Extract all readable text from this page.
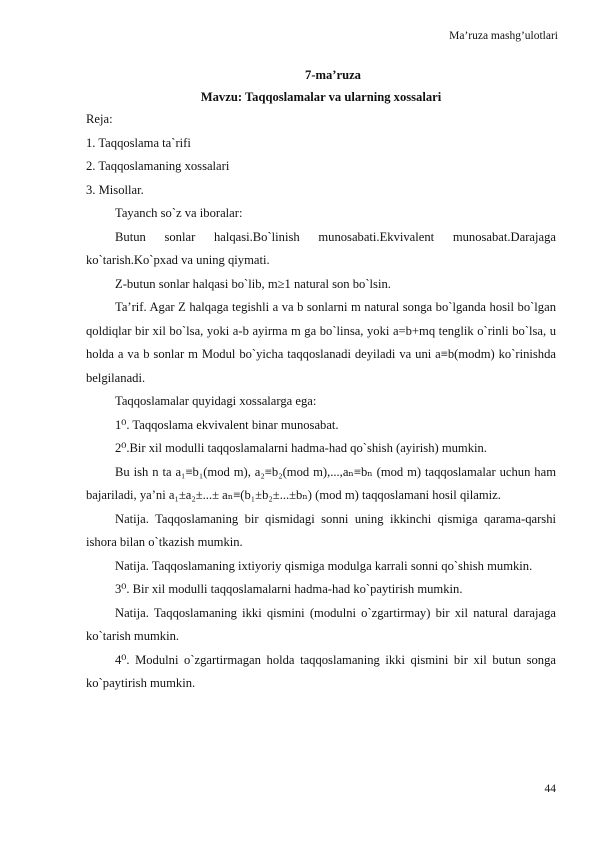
Ma’ruza mashg’ulotlari
7-ma’ruza
Mavzu: Taqqoslamalar va ularning xossalari
Reja:
1. Taqqoslama ta`rifi
2. Taqqoslamaning xossalari
3. Misollar.
Tayanch so`z va iboralar:
Butun sonlar halqasi.Bo`linish munosabati.Ekvivalent munosabat.Darajaga ko`tarish.Ko`pxad va uning qiymati.
Z-butun sonlar halqasi bo`lib, m≥1 natural son bo`lsin.
Ta’rif. Agar Z halqaga tegishli a va b sonlarni m natural songa bo`lganda hosil bo`lgan qoldiqlar bir xil bo`lsa, yoki a-b ayirma m ga bo`linsa, yoki a=b+mq tenglik o`rinli bo`lsa, u holda a va b sonlar m Modul bo`yicha taqqoslanadi deyiladi va uni a≡b(modm) ko`rinishda belgilanadi.
Taqqoslamalar quyidagi xossalarga ega:
1⁰. Taqqoslama ekvivalent binar munosabat.
2⁰.Bir xil modulli taqqoslamalarni hadma-had qo`shish (ayirish) mumkin.
Bu ish n ta a₁≡b₁(mod m), a₂≡b₂(mod m),...,aₙ≡bₙ (mod m) taqqoslamalar uchun ham bajariladi, ya’ni a₁±a₂±...± aₙ≡(b₁±b₂±...±bₙ) (mod m) taqqoslamani hosil qilamiz.
Natija. Taqqoslamaning bir qismidagi sonni uning ikkinchi qismiga qarama-qarshi ishora bilan o`tkazish mumkin.
Natija. Taqqoslamaning ixtiyoriy qismiga modulga karrali sonni qo`shish mumkin.
3⁰. Bir xil modulli taqqoslamalarni hadma-had ko`paytirish mumkin.
Natija. Taqqoslamaning ikki qismini (modulni o`zgartirmay) bir xil natural darajaga ko`tarish mumkin.
4⁰. Modulni o`zgartirmagan holda taqqoslamaning ikki qismini bir xil butun songa ko`paytirish mumkin.
44
